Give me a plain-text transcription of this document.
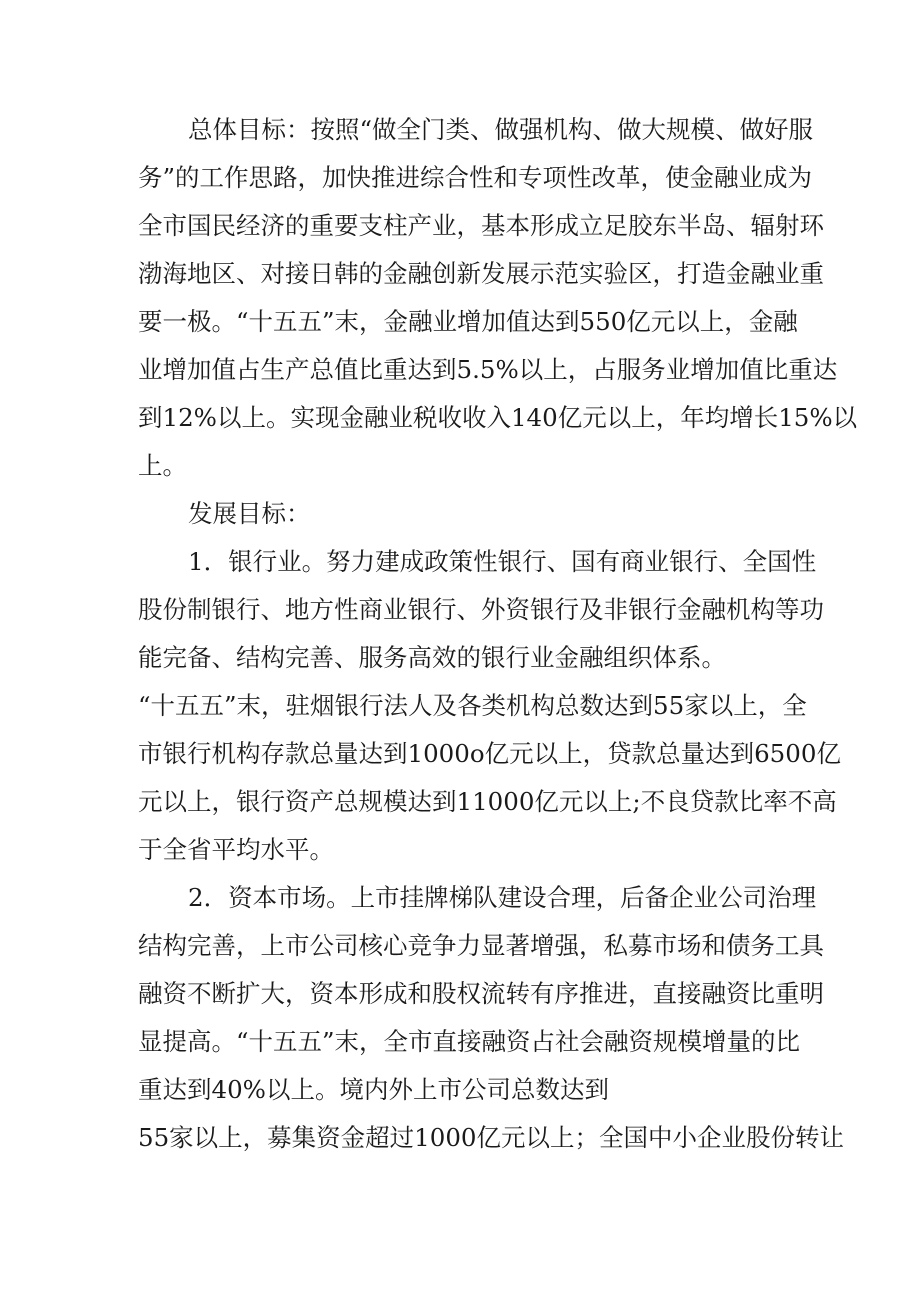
总体目标：按照“做全门类、做强机构、做大规模、做好服
务”的工作思路，加快推进综合性和专项性改革，使金融业成为
全市国民经济的重要支柱产业，基本形成立足胶东半岛、辐射环
渤海地区、对接日韩的金融创新发展示范实验区，打造金融业重
要一极。“十五五”末，金融业增加值达到550亿元以上，金融
业增加值占生产总值比重达到5.5%以上，占服务业增加值比重达
到12%以上。实现金融业税收收入140亿元以上，年均增长15%以
上。
发展目标：
1．银行业。努力建成政策性银行、国有商业银行、全国性
股份制银行、地方性商业银行、外资银行及非银行金融机构等功
能完备、结构完善、服务高效的银行业金融组织体系。
“十五五”末，驻烟银行法人及各类机构总数达到55家以上，全
市银行机构存款总量达到1000o亿元以上，贷款总量达到6500亿
元以上，银行资产总规模达到11000亿元以上;不良贷款比率不高
于全省平均水平。
2．资本市场。上市挂牌梯队建设合理，后备企业公司治理
结构完善，上市公司核心竞争力显著增强，私募市场和债务工具
融资不断扩大，资本形成和股权流转有序推进，直接融资比重明
显提高。“十五五”末，全市直接融资占社会融资规模增量的比
重达到40%以上。境内外上市公司总数达到
55家以上，募集资金超过1000亿元以上；全国中小企业股份转让
